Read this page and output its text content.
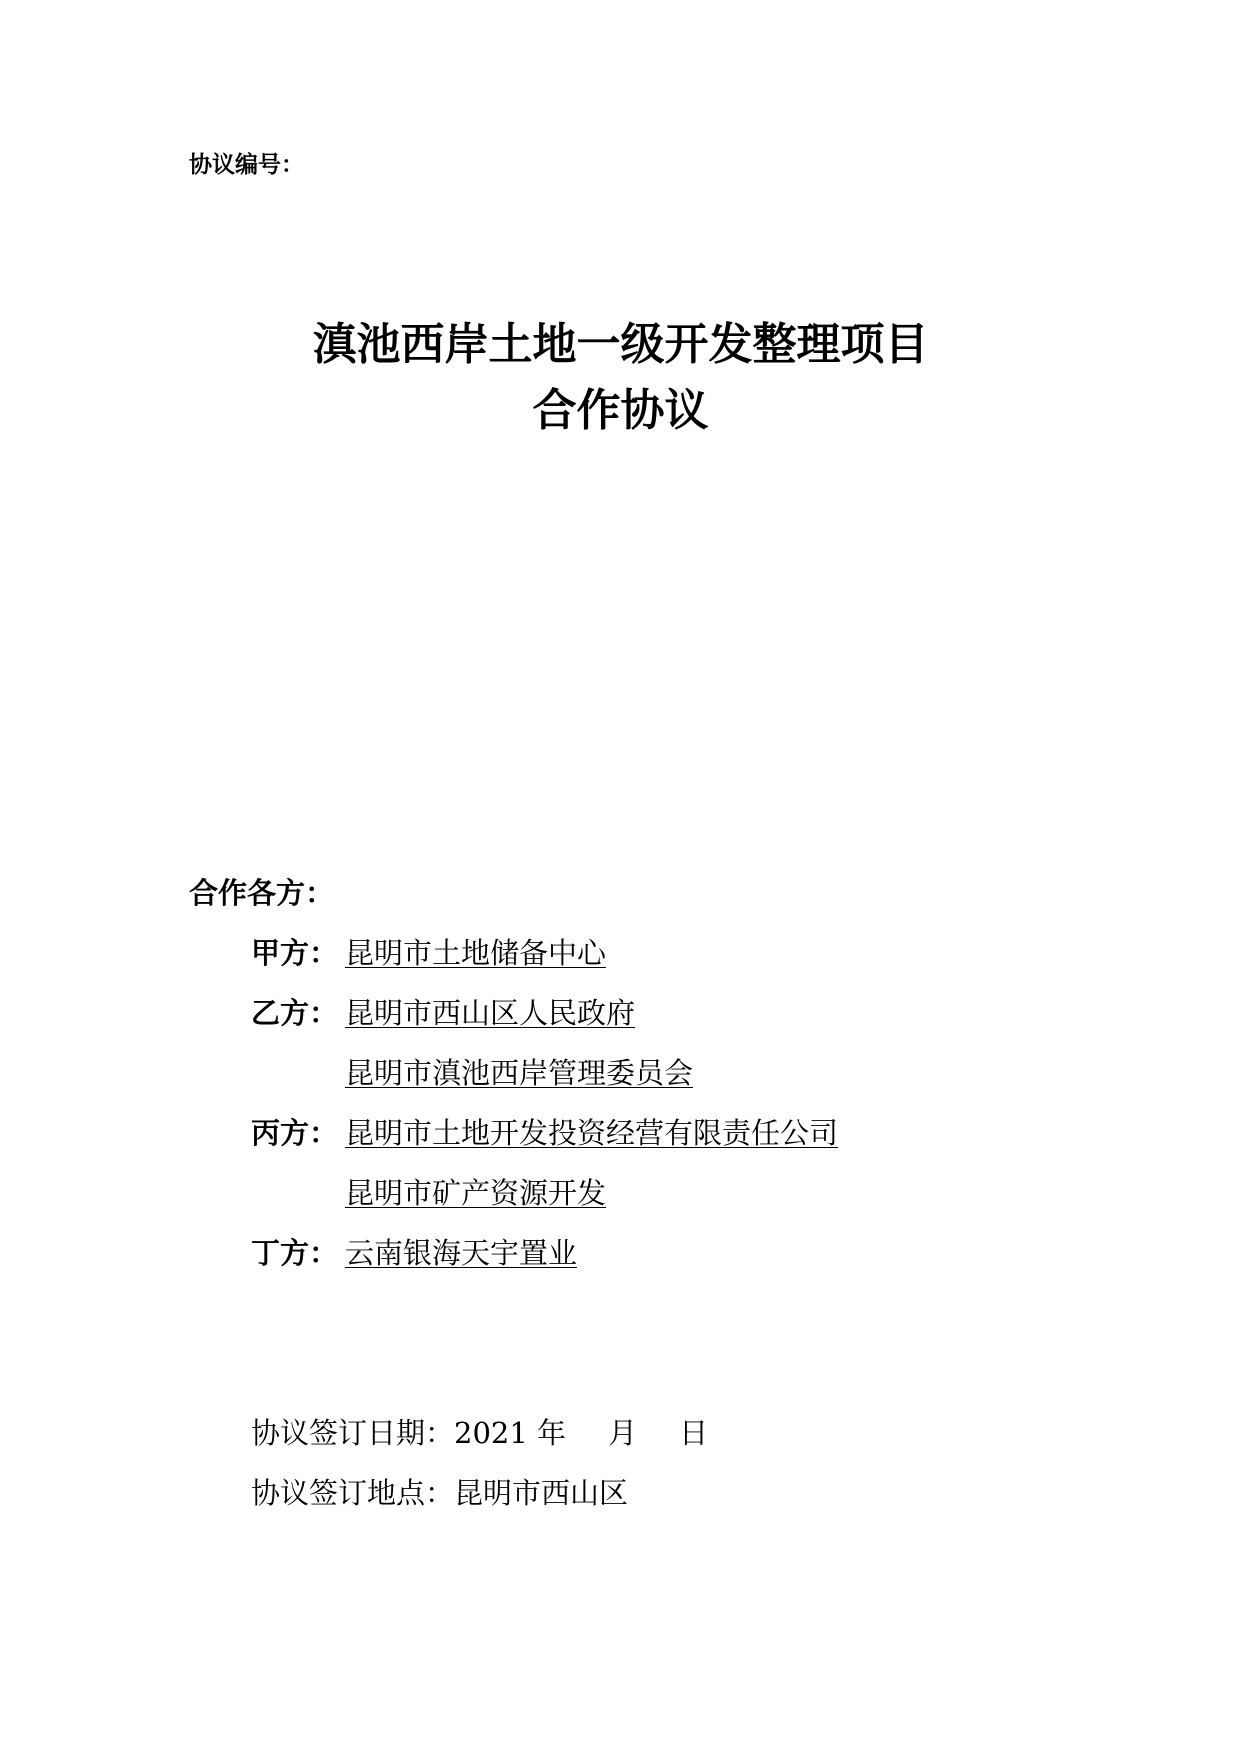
协议编号：
滇池西岸土地一级开发整理项目
合作协议
合作各方：
甲方： 昆明市土地储备中心
乙方： 昆明市西山区人民政府
昆明市滇池西岸管理委员会
丙方： 昆明市土地开发投资经营有限责任公司
昆明市矿产资源开发
丁方： 云南银海天宇置业
协议签订日期：2021 年 月 日
协议签订地点：昆明市西山区
